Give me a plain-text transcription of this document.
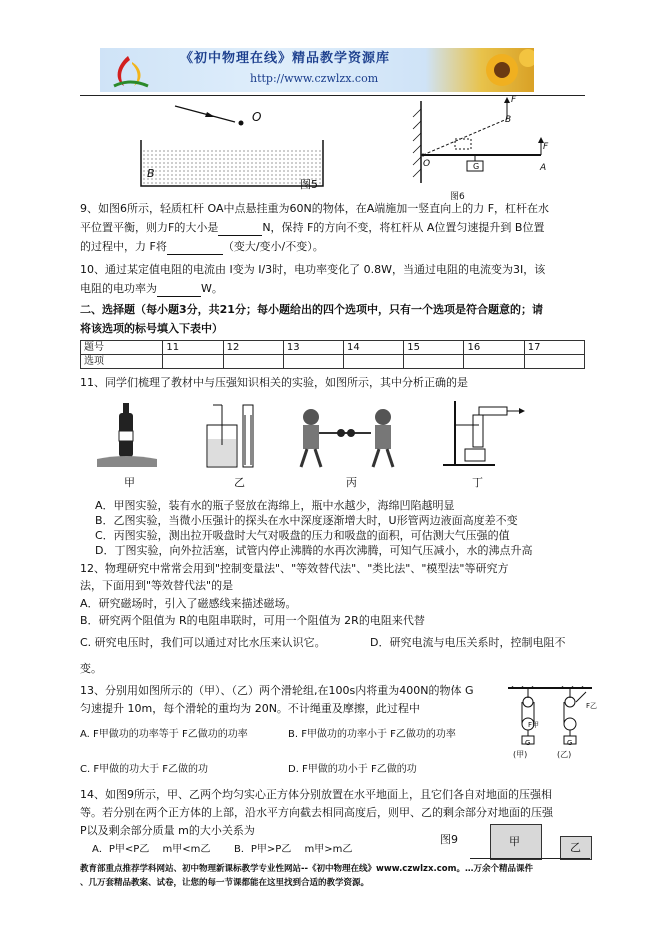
《初中物理在线》精品教学资源库
http://www.czwlzx.com
O
B
图5
F
B
F
O	G	A
图6
9、如图6所示，轻质杠杆 OA中点悬挂重为60N的物体，在A端施加一竖直向上的力 F，杠杆在水
平位置平衡，则力F的大小是	N，保持 F的方向不变，将杠杆从 A位置匀速提升到 B位置
的过程中，力 F将	（变大/变小/不变）。
10、通过某定值电阻的电流由 I变为 I/3时，电功率变化了 0.8W，当通过电阻的电流变为3I，该
电阻的电功率为	W。
二、选择题（每小题3分，共21分；每小题给出的四个选项中，只有一个选项是符合题意的；请
将该选项的标号填入下表中）
题号	11	12	13	14	15	16	17
选项							
11、同学们梳理了教材中与压强知识相关的实验，如图所示，其中分析正确的是
甲	乙	丙	丁
A．甲图实验，装有水的瓶子竖放在海绵上，瓶中水越少，海绵凹陷越明显
B．乙图实验，当微小压强计的探头在水中深度逐渐增大时，U形管两边液面高度差不变
C．丙图实验，测出拉开吸盘时大气对吸盘的压力和吸盘的面积，可估测大气压强的值
D．丁图实验，向外拉活塞，试管内停止沸腾的水再次沸腾，可知气压减小，水的沸点升高
12、物理研究中常常会用到"控制变量法"、"等效替代法"、"类比法"、"模型法"等研究方
法，下面用到"等效替代法"的是
A．研究磁场时，引入了磁感线来描述磁场。
B．研究两个阻值为 R的电阻串联时，可用一个阻值为 2R的电阻来代替
C. 研究电压时，我们可以通过对比水压来认识它。	D．研究电流与电压关系时，控制电阻不
变。
13、分别用如图所示的（甲）、（乙）两个滑轮组,在100s内将重为400N的物体 G
匀速提升 10m，每个滑轮的重均为 20N。不计绳重及摩擦，此过程中
A. F甲做功的功率等于 F乙做功的功率	B. F甲做功的功率小于 F乙做功的功率
C. F甲做的功大于 F乙做的功	D. F甲做的功小于 F乙做的功
F甲
F乙
G	G
(甲)	(乙)
14、如图9所示，甲、乙两个均匀实心正方体分别放置在水平地面上，且它们各自对地面的压强相
等。若分别在两个正方体的上部，沿水平方向截去相同高度后，则甲、乙的剩余部分对地面的压强
P以及剩余部分质量 m的大小关系为
A．P甲<P乙　 m甲<m乙 B．P甲>P乙　 m甲>m乙
图9	甲	乙
教育部重点推荐学科网站、初中物理新课标教学专业性网站--《初中物理在线》www.czwlzx.com。…万余个精品课件
、几万套精品教案、试卷，让您的每一节课都能在这里找到合适的教学资源。
